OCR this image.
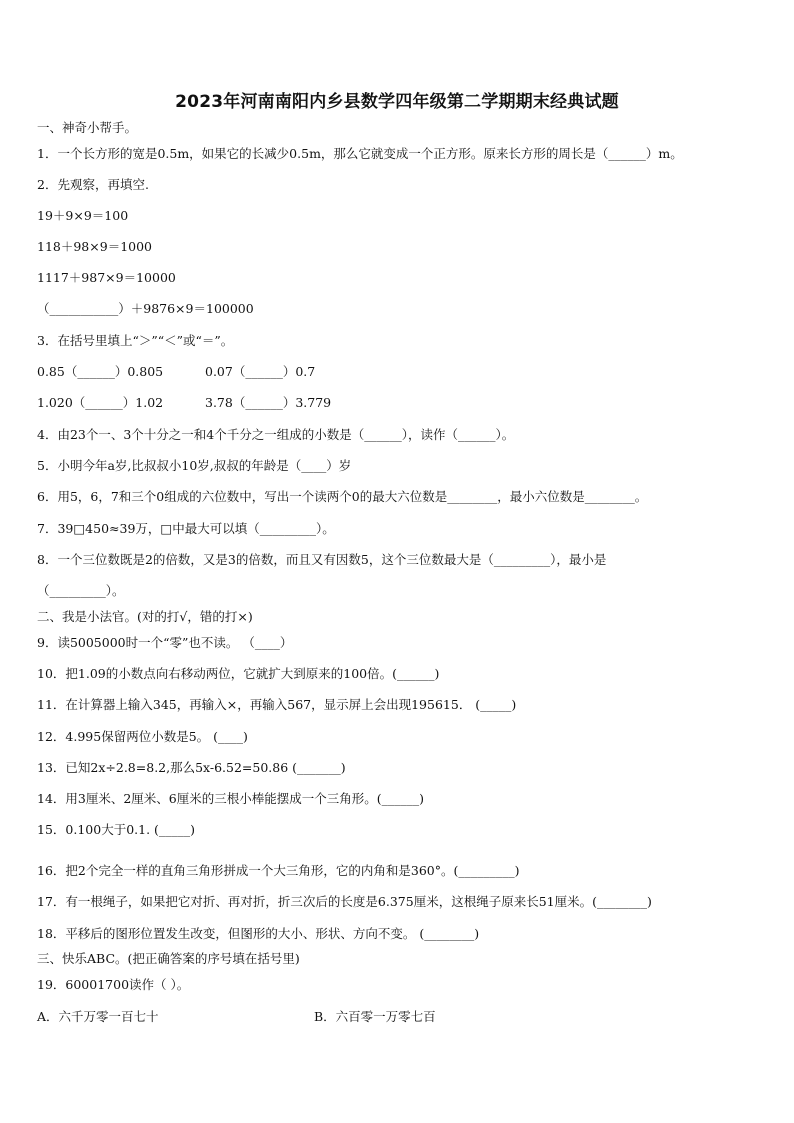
2023年河南南阳内乡县数学四年级第二学期期末经典试题
一、神奇小帮手。
1．一个长方形的宽是0.5m，如果它的长减少0.5m，那么它就变成一个正方形。原来长方形的周长是（______）m。
2．先观察，再填空.
19＋9×9＝100
118＋98×9＝1000
1117＋987×9＝10000
（___________）＋9876×9＝100000
3．在括号里填上“＞”“＜”或“＝”。
4．由23个一、3个十分之一和4个千分之一组成的小数是（______），读作（______）。
5．小明今年a岁,比叔叔小10岁,叔叔的年龄是（____）岁
6．用5，6，7和三个0组成的六位数中，写出一个读两个0的最大六位数是________，最小六位数是________。
7．39□450≈39万，□中最大可以填（_________）。
8．一个三位数既是2的倍数，又是3的倍数，而且又有因数5，这个三位数最大是（_________），最小是
（_________）。
二、我是小法官。(对的打√，错的打×)
9．读5005000时一个“零”也不读。 （____）
10．把1.09的小数点向右移动两位，它就扩大到原来的100倍。(______)
11．在计算器上输入345，再输入×，再输入567，显示屏上会出现195615． (_____)
12．4.995保留两位小数是5。 (____)
13．已知2x÷2.8=8.2,那么5x-6.52=50.86 (_______)
14．用3厘米、2厘米、6厘米的三根小棒能摆成一个三角形。(______)
15．0.100大于0.1. (_____)
16．把2个完全一样的直角三角形拼成一个大三角形，它的内角和是360°。(_________)
17．有一根绳子，如果把它对折、再对折，折三次后的长度是6.375厘米，这根绳子原来长51厘米。(________)
18．平移后的图形位置发生改变，但图形的大小、形状、方向不变。 (________)
三、快乐ABC。(把正确答案的序号填在括号里)
19．60001700读作（ ）。
0.85（______）0.805	0.07（______）0.7
1.020（______）1.02	3.78（______）3.779
A．六千万零一百七十	B．六百零一万零七百
